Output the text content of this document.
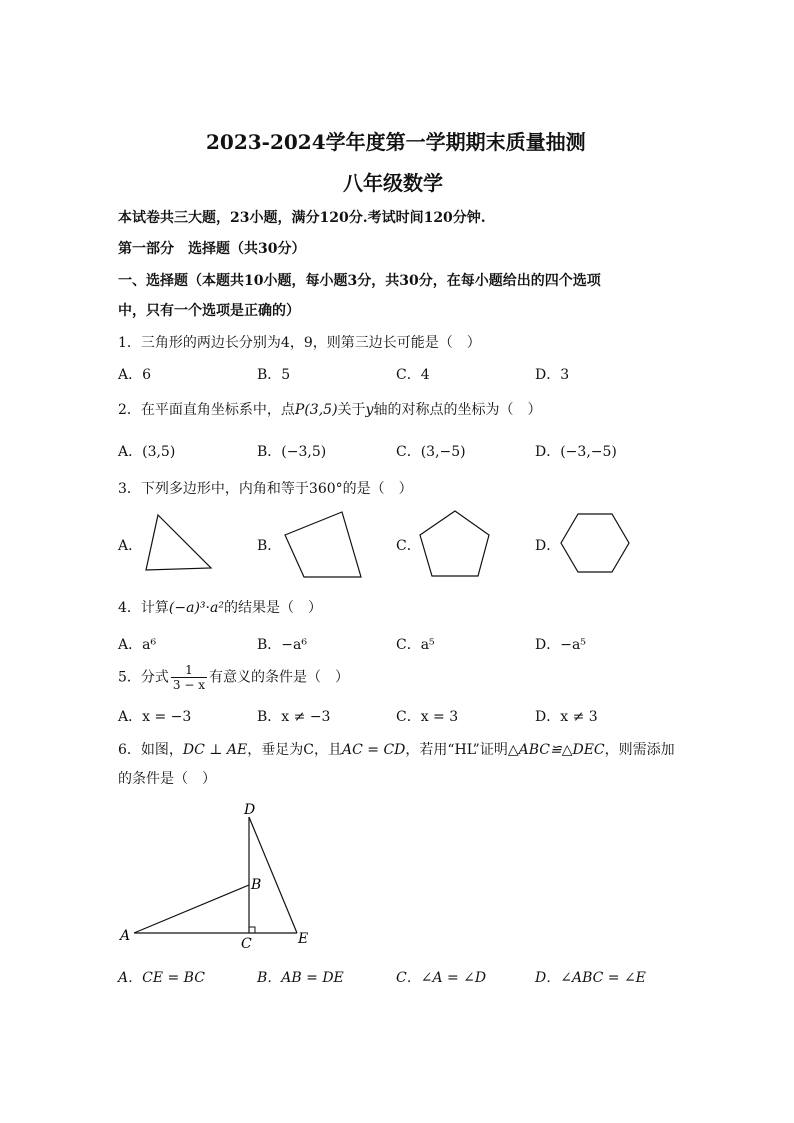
2023-2024学年度第一学期期末质量抽测
八年级数学
本试卷共三大题，23小题，满分120分.考试时间120分钟.
第一部分　选择题（共30分）
一、选择题（本题共10小题，每小题3分，共30分，在每小题给出的四个选项
中，只有一个选项是正确的）
1．三角形的两边长分别为4，9，则第三边长可能是（　）
A．6	B．5	C．4	D．3
2．在平面直角坐标系中，点P(3,5)关于y轴的对称点的坐标为（　）
A．(3,5)	B．(−3,5)	C．(3,−5)	D．(−3,−5)
3．下列多边形中，内角和等于360°的是（　）
A．	B．	C．	D．
4．计算(−a)³·a²的结果是（　）
A．a⁶	B．−a⁶	C．a⁵	D．−a⁵
5．分式 $\frac{1}{3 - x}$ 有意义的条件是（　）
A．x = −3	B．x ≠ −3	C．x = 3	D．x ≠ 3
6．如图，DC ⊥ AE，垂足为C，且AC = CD，若用“HL”证明△ABC≌△DEC，则需添加
的条件是（　）
D
B
A	C	E
A．CE = BC	B．AB = DE	C．∠A = ∠D	D．∠ABC = ∠E
